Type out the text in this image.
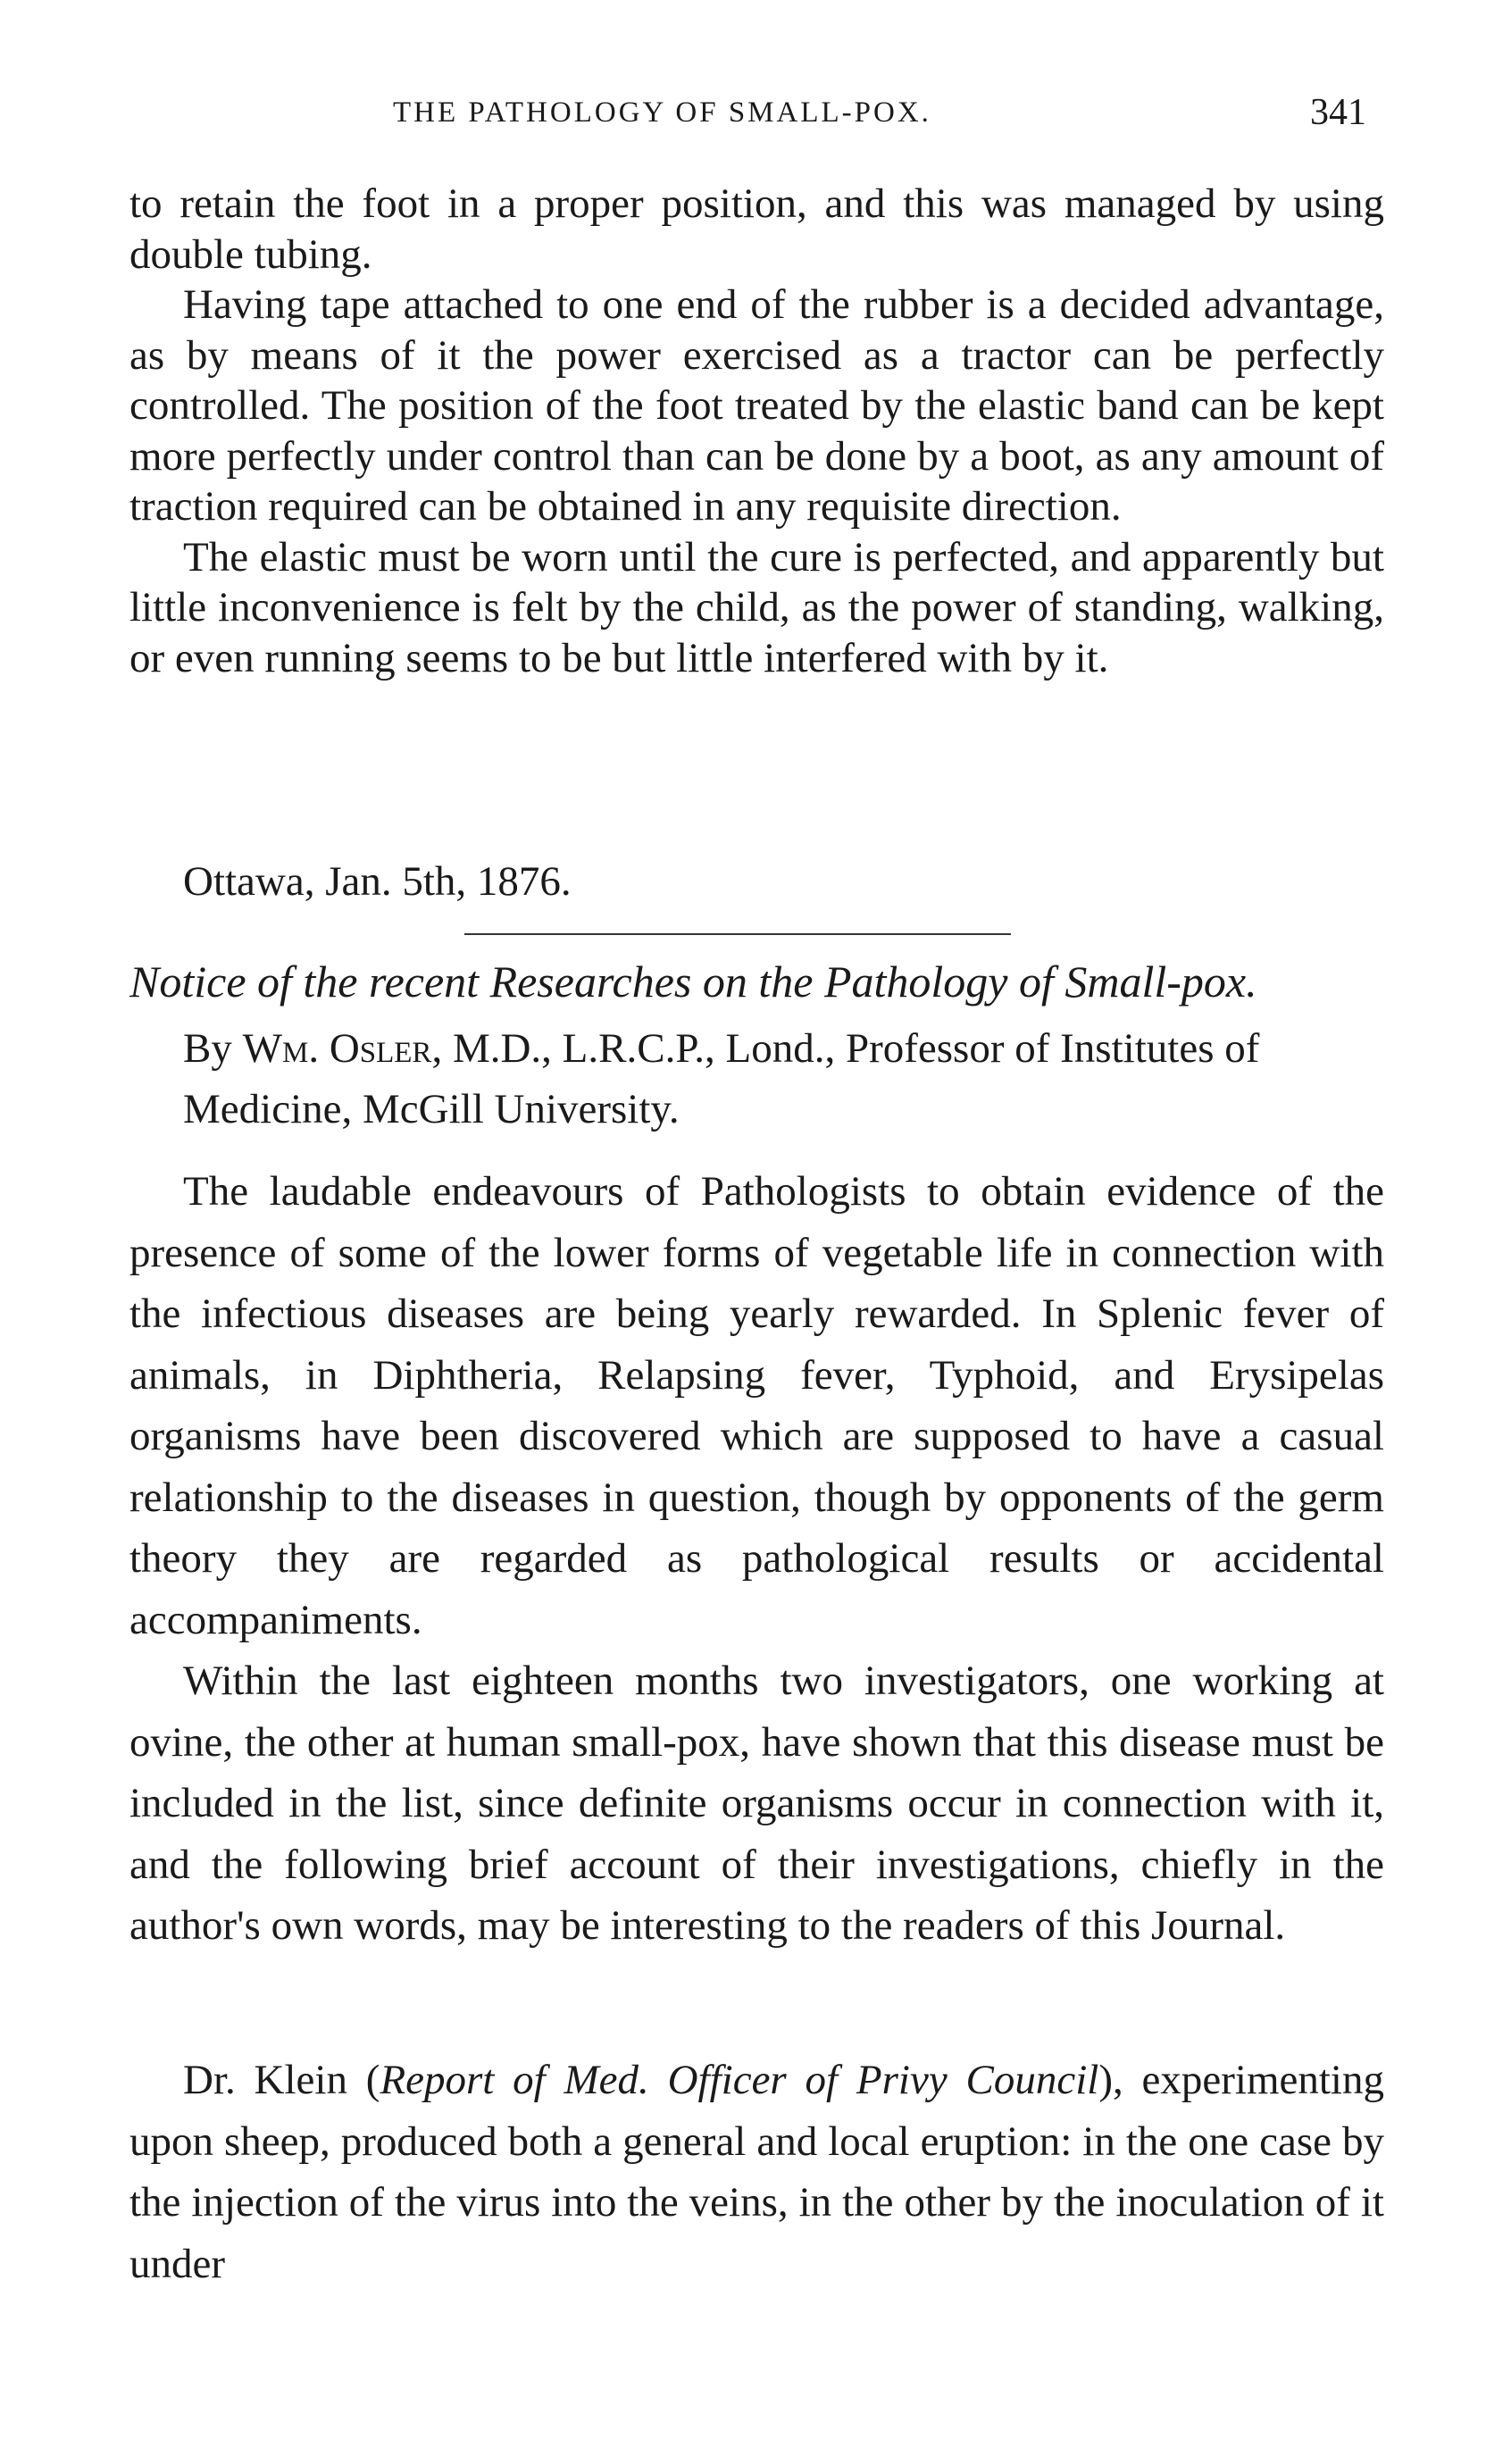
THE PATHOLOGY OF SMALL-POX.	341

to retain the foot in a proper position, and this was managed by using double tubing.

Having tape attached to one end of the rubber is a decided advantage, as by means of it the power exercised as a tractor can be perfectly controlled. The position of the foot treated by the elastic band can be kept more perfectly under control than can be done by a boot, as any amount of traction required can be obtained in any requisite direction.

The elastic must be worn until the cure is perfected, and apparently but little inconvenience is felt by the child, as the power of standing, walking, or even running seems to be but little interfered with by it.

Ottawa, Jan. 5th, 1876.
Notice of the recent Researches on the Pathology of Small-pox.
By Wm. Osler, M.D., L.R.C.P., Lond., Professor of Institutes of Medicine, McGill University.

The laudable endeavours of Pathologists to obtain evidence of the presence of some of the lower forms of vegetable life in connection with the infectious diseases are being yearly rewarded. In Splenic fever of animals, in Diphtheria, Relapsing fever, Typhoid, and Erysipelas organisms have been discovered which are supposed to have a casual relationship to the diseases in question, though by opponents of the germ theory they are regarded as pathological results or accidental accompaniments.

Within the last eighteen months two investigators, one working at ovine, the other at human small-pox, have shown that this disease must be included in the list, since definite organisms occur in connection with it, and the following brief account of their investigations, chiefly in the author's own words, may be interesting to the readers of this Journal.

Dr. Klein (Report of Med. Officer of Privy Council), experimenting upon sheep, produced both a general and local eruption: in the one case by the injection of the virus into the veins, in the other by the inoculation of it under
